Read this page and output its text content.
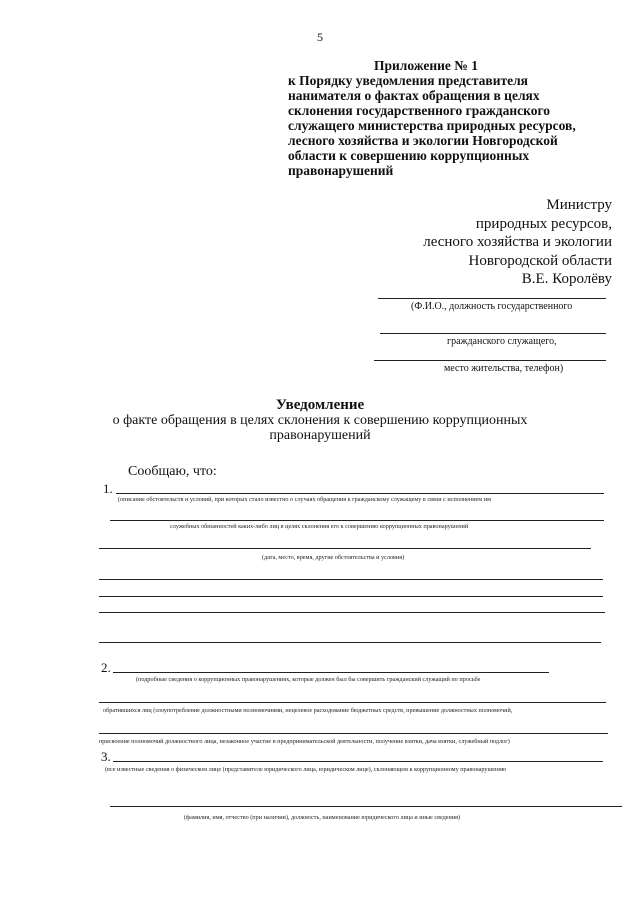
5
Приложение № 1
к Порядку уведомления представителя
нанимателя о фактах обращения в целях
склонения государственного гражданского
служащего министерства природных ресурсов,
лесного хозяйства и экологии Новгородской
области к совершению коррупционных
правонарушений
Министру
природных ресурсов,
лесного хозяйства и экологии
Новгородской области
В.Е. Королёву
(Ф.И.О., должность государственного
гражданского служащего,
место жительства, телефон)
Уведомление
о факте обращения в целях склонения к совершению коррупционных
правонарушений
Сообщаю, что:
1.
(описание обстоятельств и условий, при которых стало известно о случаях обращения к гражданскому служащему в связи с исполнением им
служебных обязанностей каких-либо лиц в целях склонения его к совершению коррупционных правонарушений
(дата, место, время, другие обстоятельства и условия)
2.
(подробные сведения о коррупционных правонарушениях, которые должен был бы совершить гражданский служащий по просьбе
обратившихся лиц (злоупотребление должностными полномочиями, нецелевое расходование бюджетных средств, превышение должностных полномочий,
присвоение полномочий должностного лица, незаконное участие в предпринимательской деятельности, получение взятки, дача взятки, служебный подлог)
3.
(все известные сведения о физическом лице (представителе юридического лица, юридическом лице), склоняющем к коррупционному правонарушению
(фамилия, имя, отчество (при наличии), должность, наименование юридического лица и иные сведения)
